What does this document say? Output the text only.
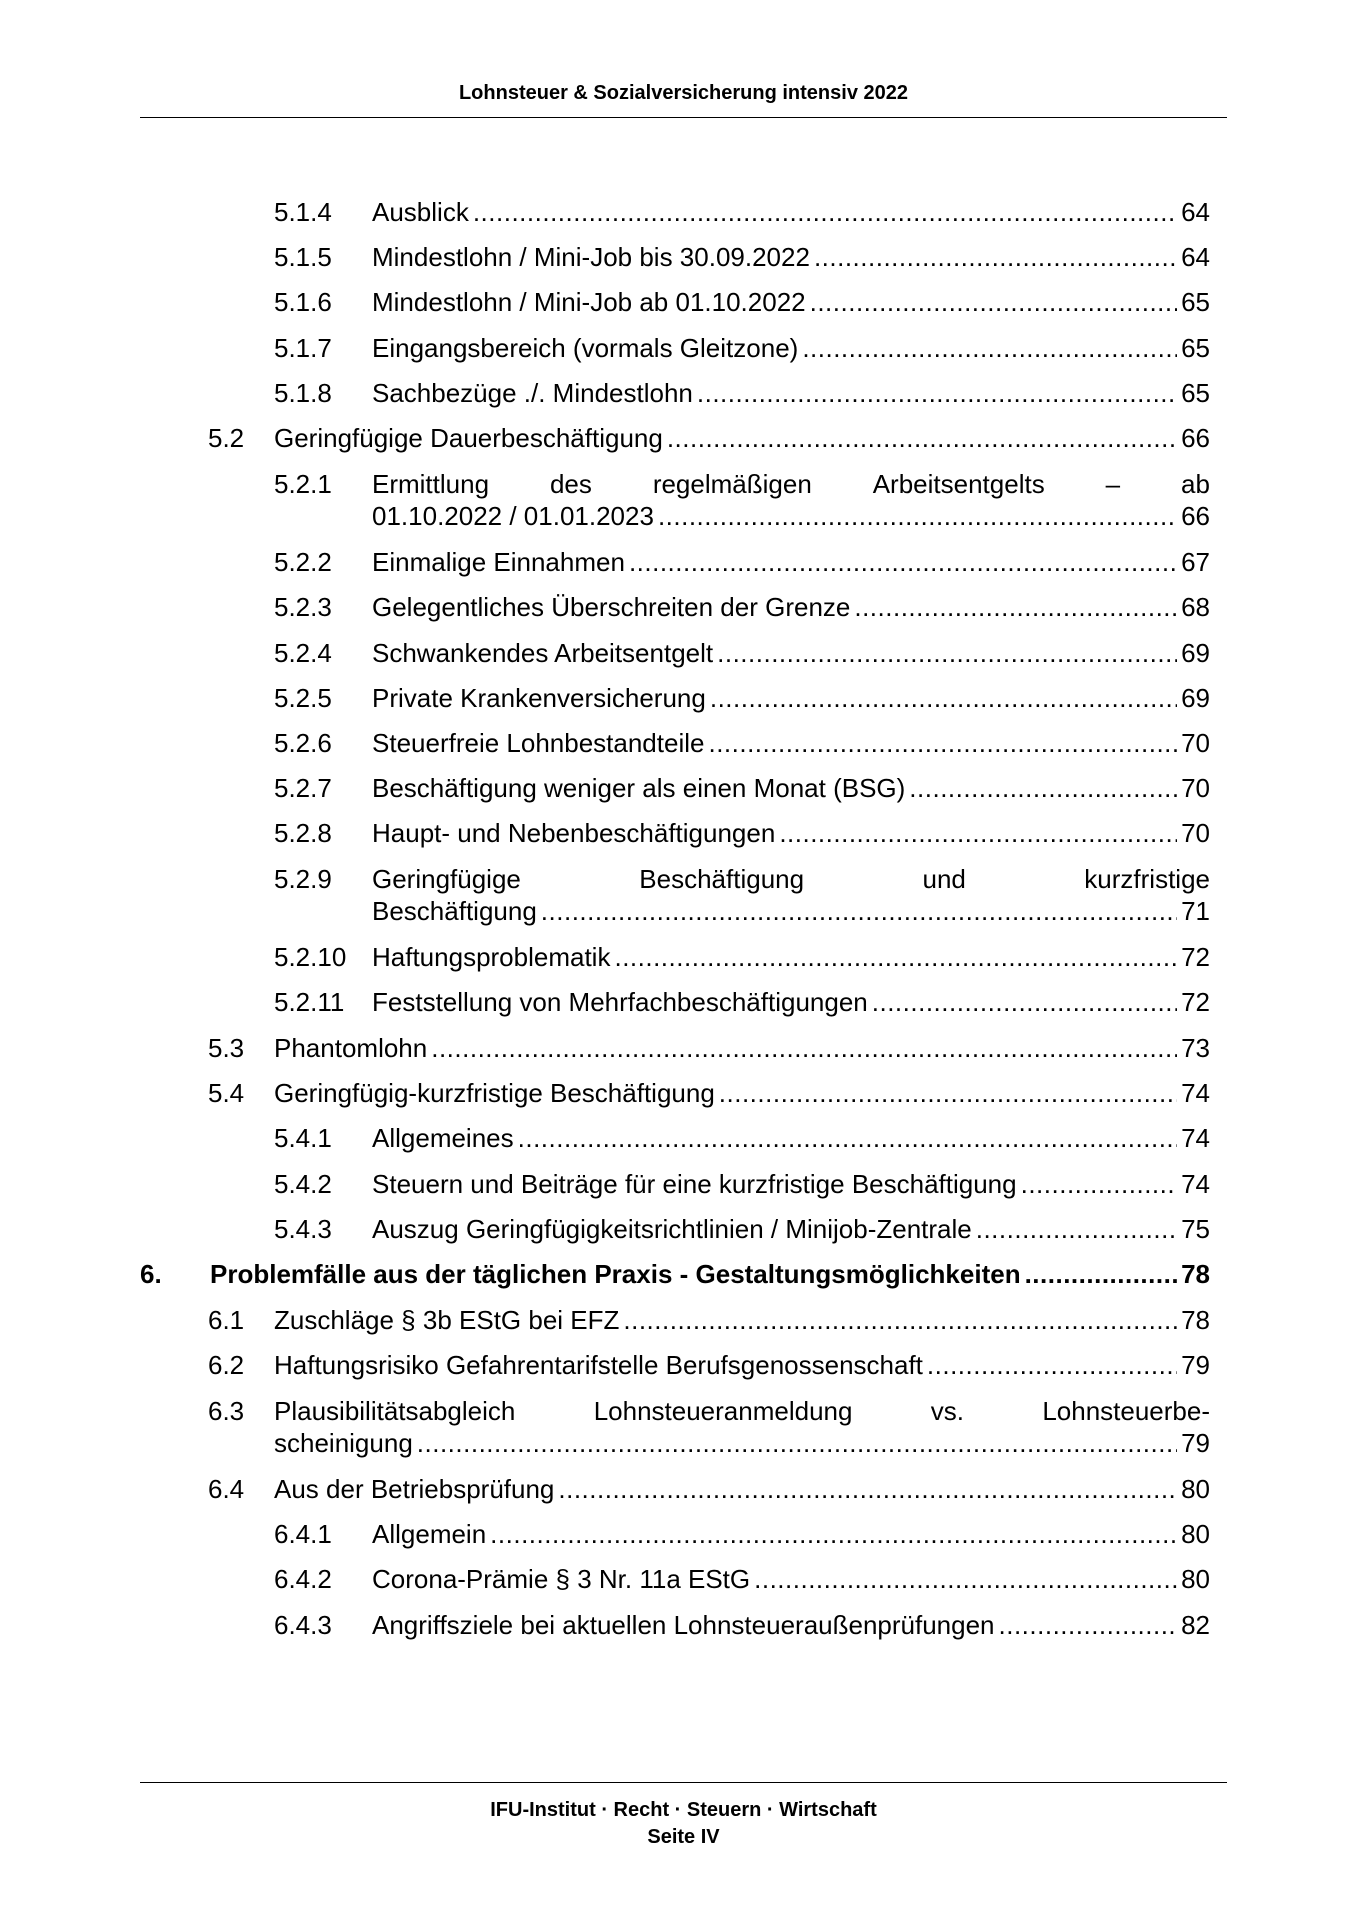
Lohnsteuer & Sozialversicherung intensiv 2022
5.1.4 Ausblick .....	64
5.1.5 Mindestlohn / Mini-Job bis 30.09.2022 .....	64
5.1.6 Mindestlohn / Mini-Job ab 01.10.2022 .....	65
5.1.7 Eingangsbereich (vormals Gleitzone) .....	65
5.1.8 Sachbezüge ./. Mindestlohn .....	65
5.2 Geringfügige Dauerbeschäftigung .....	66
5.2.1 Ermittlung des regelmäßigen Arbeitsentgelts – ab
01.10.2022 / 01.01.2023 .....	66
5.2.2 Einmalige Einnahmen .....	67
5.2.3 Gelegentliches Überschreiten der Grenze .....	68
5.2.4 Schwankendes Arbeitsentgelt .....	69
5.2.5 Private Krankenversicherung .....	69
5.2.6 Steuerfreie Lohnbestandteile .....	70
5.2.7 Beschäftigung weniger als einen Monat (BSG) .....	70
5.2.8 Haupt- und Nebenbeschäftigungen .....	70
5.2.9 Geringfügige	Beschäftigung	und	kurzfristige
Beschäftigung .....	71
5.2.10 Haftungsproblematik .....	72
5.2.11 Feststellung von Mehrfachbeschäftigungen .....	72
5.3 Phantomlohn .....	73
5.4 Geringfügig-kurzfristige Beschäftigung .....	74
5.4.1 Allgemeines .....	74
5.4.2 Steuern und Beiträge für eine kurzfristige Beschäftigung .....	74
5.4.3 Auszug Geringfügigkeitsrichtlinien / Minijob-Zentrale .....	75
6. Problemfälle aus der täglichen Praxis - Gestaltungsmöglichkeiten .....	78
6.1 Zuschläge § 3b EStG bei EFZ .....	78
6.2 Haftungsrisiko Gefahrentarifstelle Berufsgenossenschaft .....	79
6.3 Plausibilitätsabgleich	Lohnsteueranmeldung	vs.	Lohnsteuerbe-
scheinigung .....	79
6.4 Aus der Betriebsprüfung .....	80
6.4.1 Allgemein .....	80
6.4.2 Corona-Prämie § 3 Nr. 11a EStG .....	80
6.4.3 Angriffsziele bei aktuellen Lohnsteueraußenprüfungen .....	82
IFU-Institut · Recht · Steuern · Wirtschaft
Seite IV
